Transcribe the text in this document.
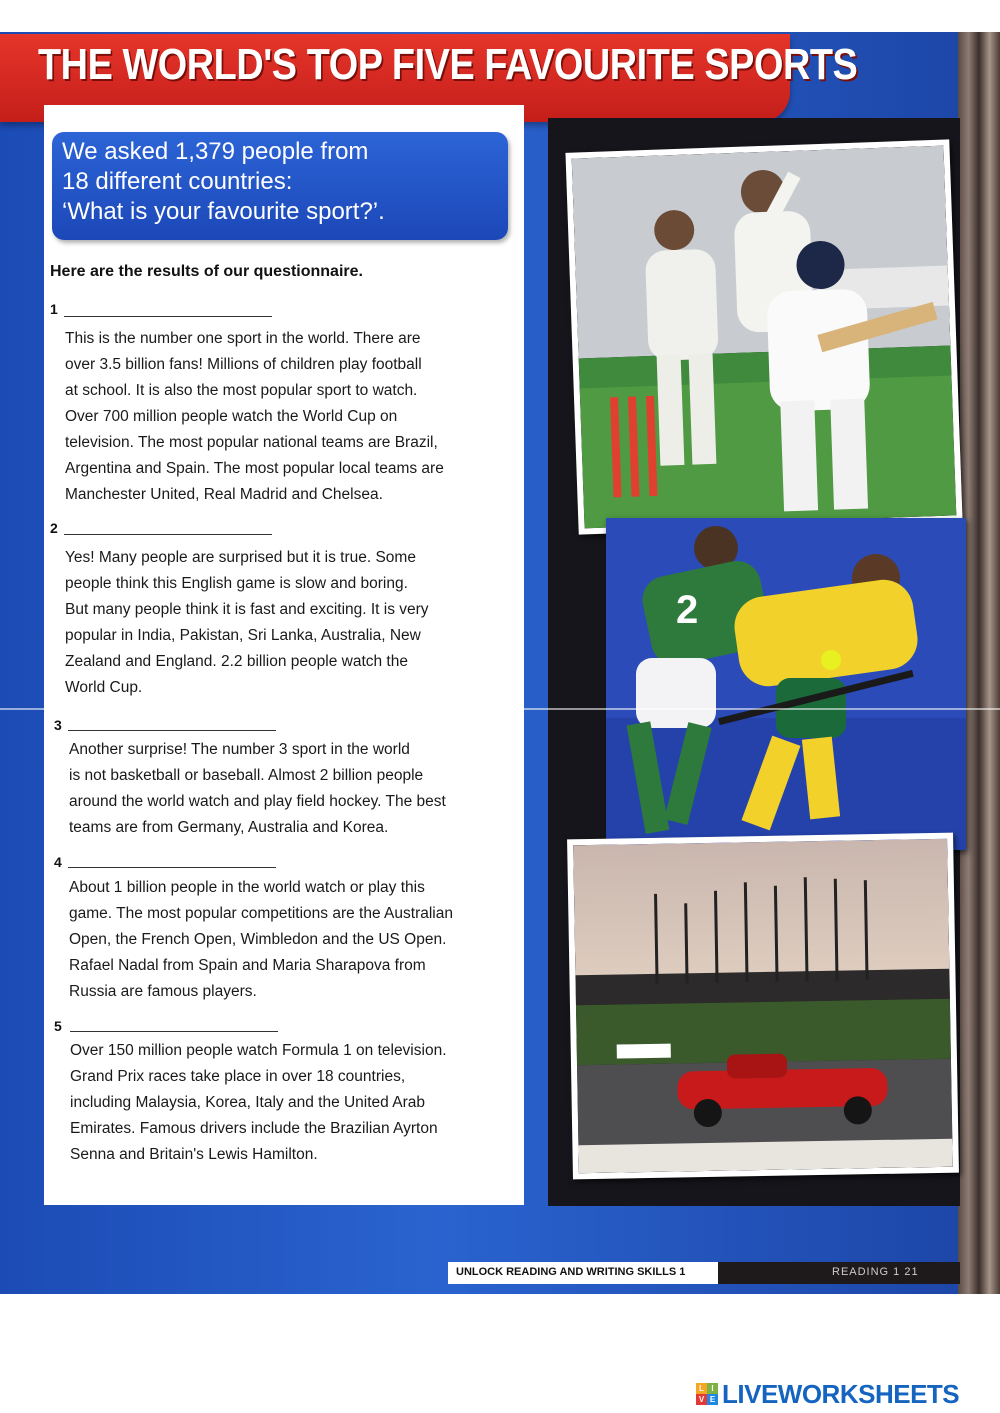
THE WORLD'S TOP FIVE FAVOURITE SPORTS
We asked 1,379 people from
18 different countries:
‘What is your favourite sport?’.
Here are the results of our questionnaire.
1
This is the number one sport in the world. There are
over 3.5 billion fans! Millions of children play football
at school. It is also the most popular sport to watch.
Over 700 million people watch the World Cup on
television. The most popular national teams are Brazil,
Argentina and Spain. The most popular local teams are
Manchester United, Real Madrid and Chelsea.
2
Yes! Many people are surprised but it is true. Some
people think this English game is slow and boring.
But many people think it is fast and exciting. It is very
popular in India, Pakistan, Sri Lanka, Australia, New
Zealand and England. 2.2 billion people watch the
World Cup.
3
Another surprise! The number 3 sport in the world
is not basketball or baseball. Almost 2 billion people
around the world watch and play field hockey. The best
teams are from Germany, Australia and Korea.
4
About 1 billion people in the world watch or play this
game. The most popular competitions are the Australian
Open, the French Open, Wimbledon and the US Open.
Rafael Nadal from Spain and Maria Sharapova from
Russia are famous players.
5
Over 150 million people watch Formula 1 on television.
Grand Prix races take place in over 18 countries,
including Malaysia, Korea, Italy and the United Arab
Emirates. Famous drivers include the Brazilian Ayrton
Senna and Britain's Lewis Hamilton.
2
UNLOCK READING AND WRITING SKILLS 1	READING 1 21
L I
V E LIVEWORKSHEETS
